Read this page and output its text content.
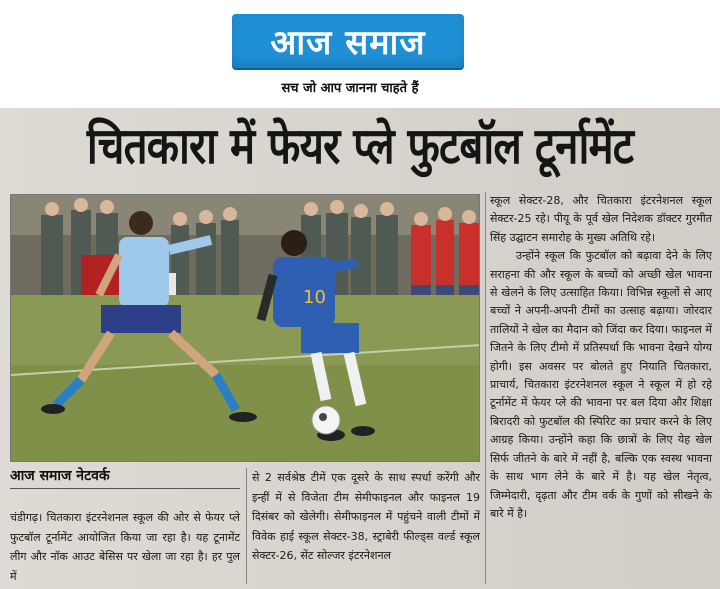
आज समाज
सच जो आप जानना चाहते हैं
चितकारा में फेयर प्ले फुटबॉल टूर्नामेंट
10

स्कूल सेक्टर-28, और चितकारा इंटरनेशनल स्कूल सेक्टर-25 रहे। पीयू के पूर्व खेल निदेशक डॉक्टर गुरमीत सिंह उद्घाटन समारोह के मुख्य अतिथि रहे।

उन्होंने स्कूल कि फुटबॉल को बढ़ावा देने के लिए सराहना की और स्कूल के बच्चों को अच्छी खेल भावना से खेलने के लिए उत्साहित किया। विभिन्न स्कूलों से आए बच्चों ने अपनी-अपनी टीमों का उत्साह बढ़ाया। जोरदार तालियों ने खेल का मैदान को जिंदा कर दिया। फाइनल में जितने के लिए टीमो में प्रतिस्पर्धा कि भावना देखने योग्य होगी। इस अवसर पर बोलते हुए नियाति चितकारा, प्राचार्य, चितकारा इंटरनेशनल स्कूल ने स्कूल में हो रहे टूर्नामेंट में फेयर प्ले की भावना पर बल दिया और शिक्षा बिरादरी को फुटबॉल की स्पिरिट का प्रचार करने के लिए आग्रह किया। उन्होंने कहा कि छात्रों के लिए येह खेल सिर्फ जीतने के बारे में नहीं है, बल्कि एक स्वस्थ भावना के साथ भाग लेने के बारे में है। यह खेल नेतृत्व, जिम्मेदारी, दृढ़ता और टीम वर्क के गुणों को सीखने के बारे में है।

आज समाज नेटवर्क
चंडीगढ़। चितकारा इंटरनेशनल स्कूल की ओर से फेयर प्ले फुटबॉल टूर्नामेंट आयोजित किया जा रहा है। यह टूनामेंट लीग और नॉक आउट बेसिस पर खेला जा रहा है। हर पुल में
से 2 सर्वश्रेष्ठ टीमें एक दूसरे के साथ स्पर्धा करेंगी और इन्हीं में से विजेता टीम सेमीफाइनल और फाइनल 19 दिसंबर को खेलेगी। सेमीफाइनल में पहुंचने वाली टीमों में विवेक हाई स्कूल सेक्टर-38, स्ट्राबेरी फील्ड्स वर्ल्ड स्कूल सेक्टर-26, सेंट सोल्जर इंटरनेशनल
